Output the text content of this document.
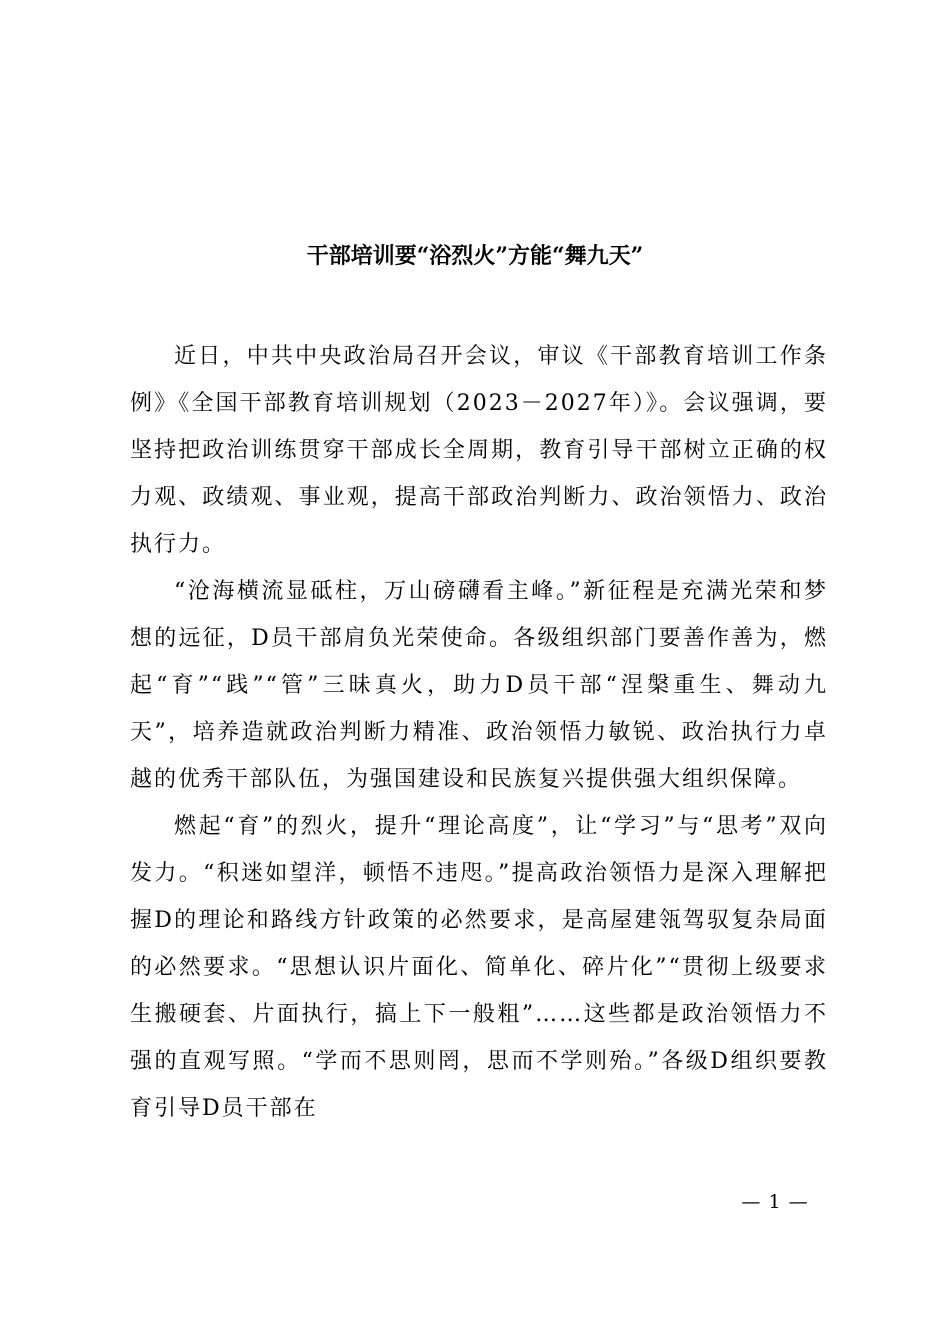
干部培训要“浴烈火”方能“舞九天”

近日，中共中央政治局召开会议，审议《干部教育培训工作条例》《全国干部教育培训规划（2023－2027年）》。会议强调，要坚持把政治训练贯穿干部成长全周期，教育引导干部树立正确的权力观、政绩观、事业观，提高干部政治判断力、政治领悟力、政治执行力。

“沧海横流显砥柱，万山磅礴看主峰。”新征程是充满光荣和梦想的远征，D员干部肩负光荣使命。各级组织部门要善作善为，燃起“育”“践”“管”三昧真火，助力D员干部“涅槃重生、舞动九天”，培养造就政治判断力精准、政治领悟力敏锐、政治执行力卓越的优秀干部队伍，为强国建设和民族复兴提供强大组织保障。

燃起“育”的烈火，提升“理论高度”，让“学习”与“思考”双向发力。“积迷如望洋，顿悟不违咫。”提高政治领悟力是深入理解把握D的理论和路线方针政策的必然要求，是高屋建瓴驾驭复杂局面的必然要求。“思想认识片面化、简单化、碎片化”“贯彻上级要求生搬硬套、片面执行，搞上下一般粗”……这些都是政治领悟力不强的直观写照。“学而不思则罔，思而不学则殆。”各级D组织要教育引导D员干部在

— 1 —
